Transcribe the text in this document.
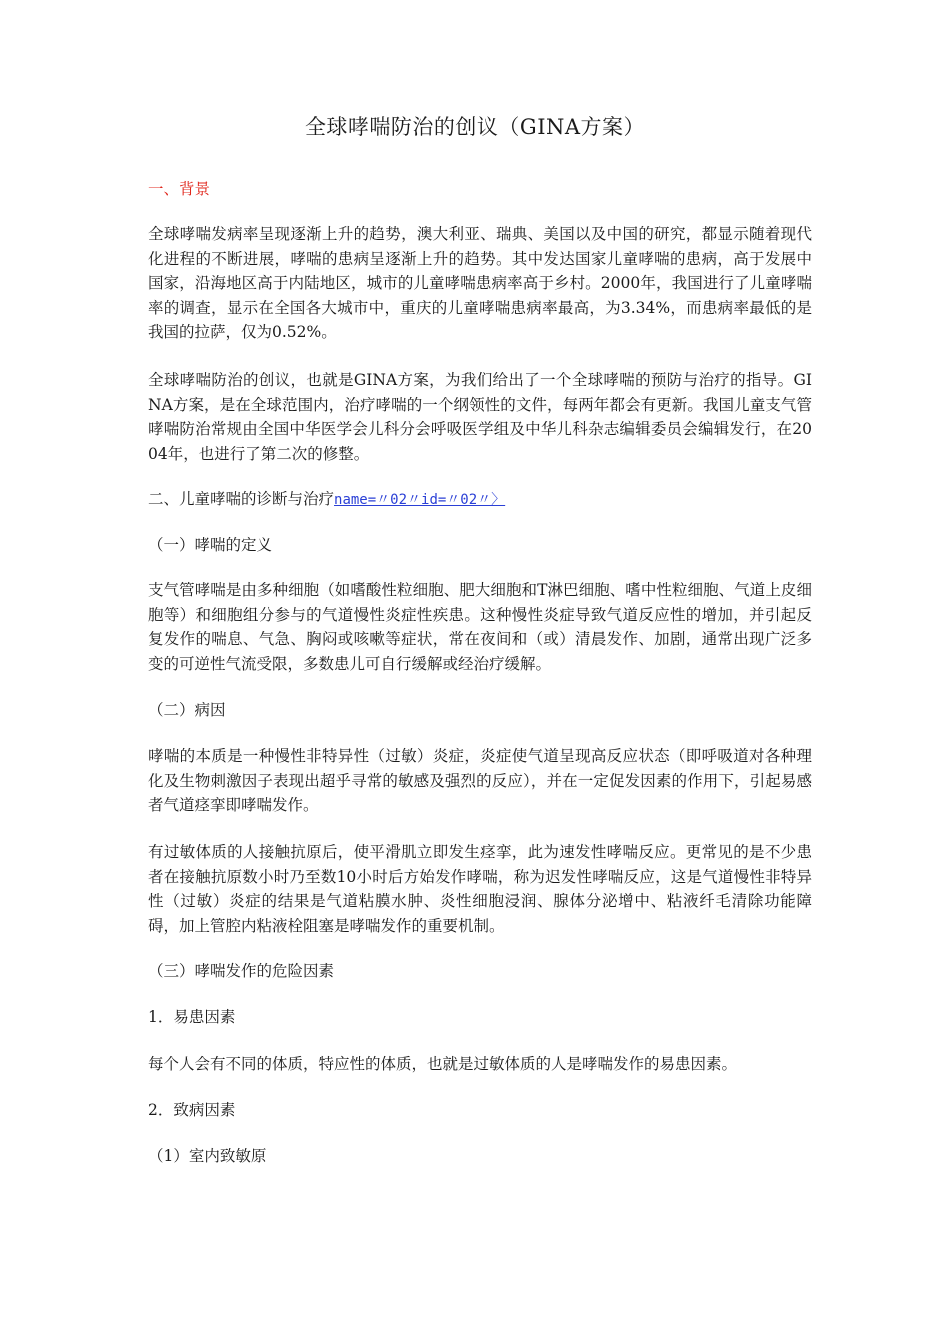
全球哮喘防治的创议（GINA方案）
一、背景

全球哮喘发病率呈现逐渐上升的趋势，澳大利亚、瑞典、美国以及中国的研究，都显示随着现代化进程的不断进展，哮喘的患病呈逐渐上升的趋势。其中发达国家儿童哮喘的患病，高于发展中国家，沿海地区高于内陆地区，城市的儿童哮喘患病率高于乡村。2000年，我国进行了儿童哮喘率的调查，显示在全国各大城市中，重庆的儿童哮喘患病率最高，为3.34%，而患病率最低的是我国的拉萨，仅为0.52%。

全球哮喘防治的创议，也就是GINA方案，为我们给出了一个全球哮喘的预防与治疗的指导。GINA方案，是在全球范围内，治疗哮喘的一个纲领性的文件，每两年都会有更新。我国儿童支气管哮喘防治常规由全国中华医学会儿科分会呼吸医学组及中华儿科杂志编辑委员会编辑发行，在2004年，也进行了第二次的修整。

二、儿童哮喘的诊断与治疗name=〃02〃id=〃02〃〉
（一）哮喘的定义

支气管哮喘是由多种细胞（如嗜酸性粒细胞、肥大细胞和T淋巴细胞、嗜中性粒细胞、气道上皮细胞等）和细胞组分参与的气道慢性炎症性疾患。这种慢性炎症导致气道反应性的增加，并引起反复发作的喘息、气急、胸闷或咳嗽等症状，常在夜间和（或）清晨发作、加剧，通常出现广泛多变的可逆性气流受限，多数患儿可自行缓解或经治疗缓解。

（二）病因

哮喘的本质是一种慢性非特异性（过敏）炎症，炎症使气道呈现高反应状态（即呼吸道对各种理化及生物刺激因子表现出超乎寻常的敏感及强烈的反应），并在一定促发因素的作用下，引起易感者气道痉挛即哮喘发作。

有过敏体质的人接触抗原后，使平滑肌立即发生痉挛，此为速发性哮喘反应。更常见的是不少患者在接触抗原数小时乃至数10小时后方始发作哮喘，称为迟发性哮喘反应，这是气道慢性非特异性（过敏）炎症的结果是气道粘膜水肿、炎性细胞浸润、腺体分泌增中、粘液纤毛清除功能障碍，加上管腔内粘液栓阻塞是哮喘发作的重要机制。

（三）哮喘发作的危险因素
1．易患因素
每个人会有不同的体质，特应性的体质，也就是过敏体质的人是哮喘发作的易患因素。
2．致病因素
（1）室内致敏原
